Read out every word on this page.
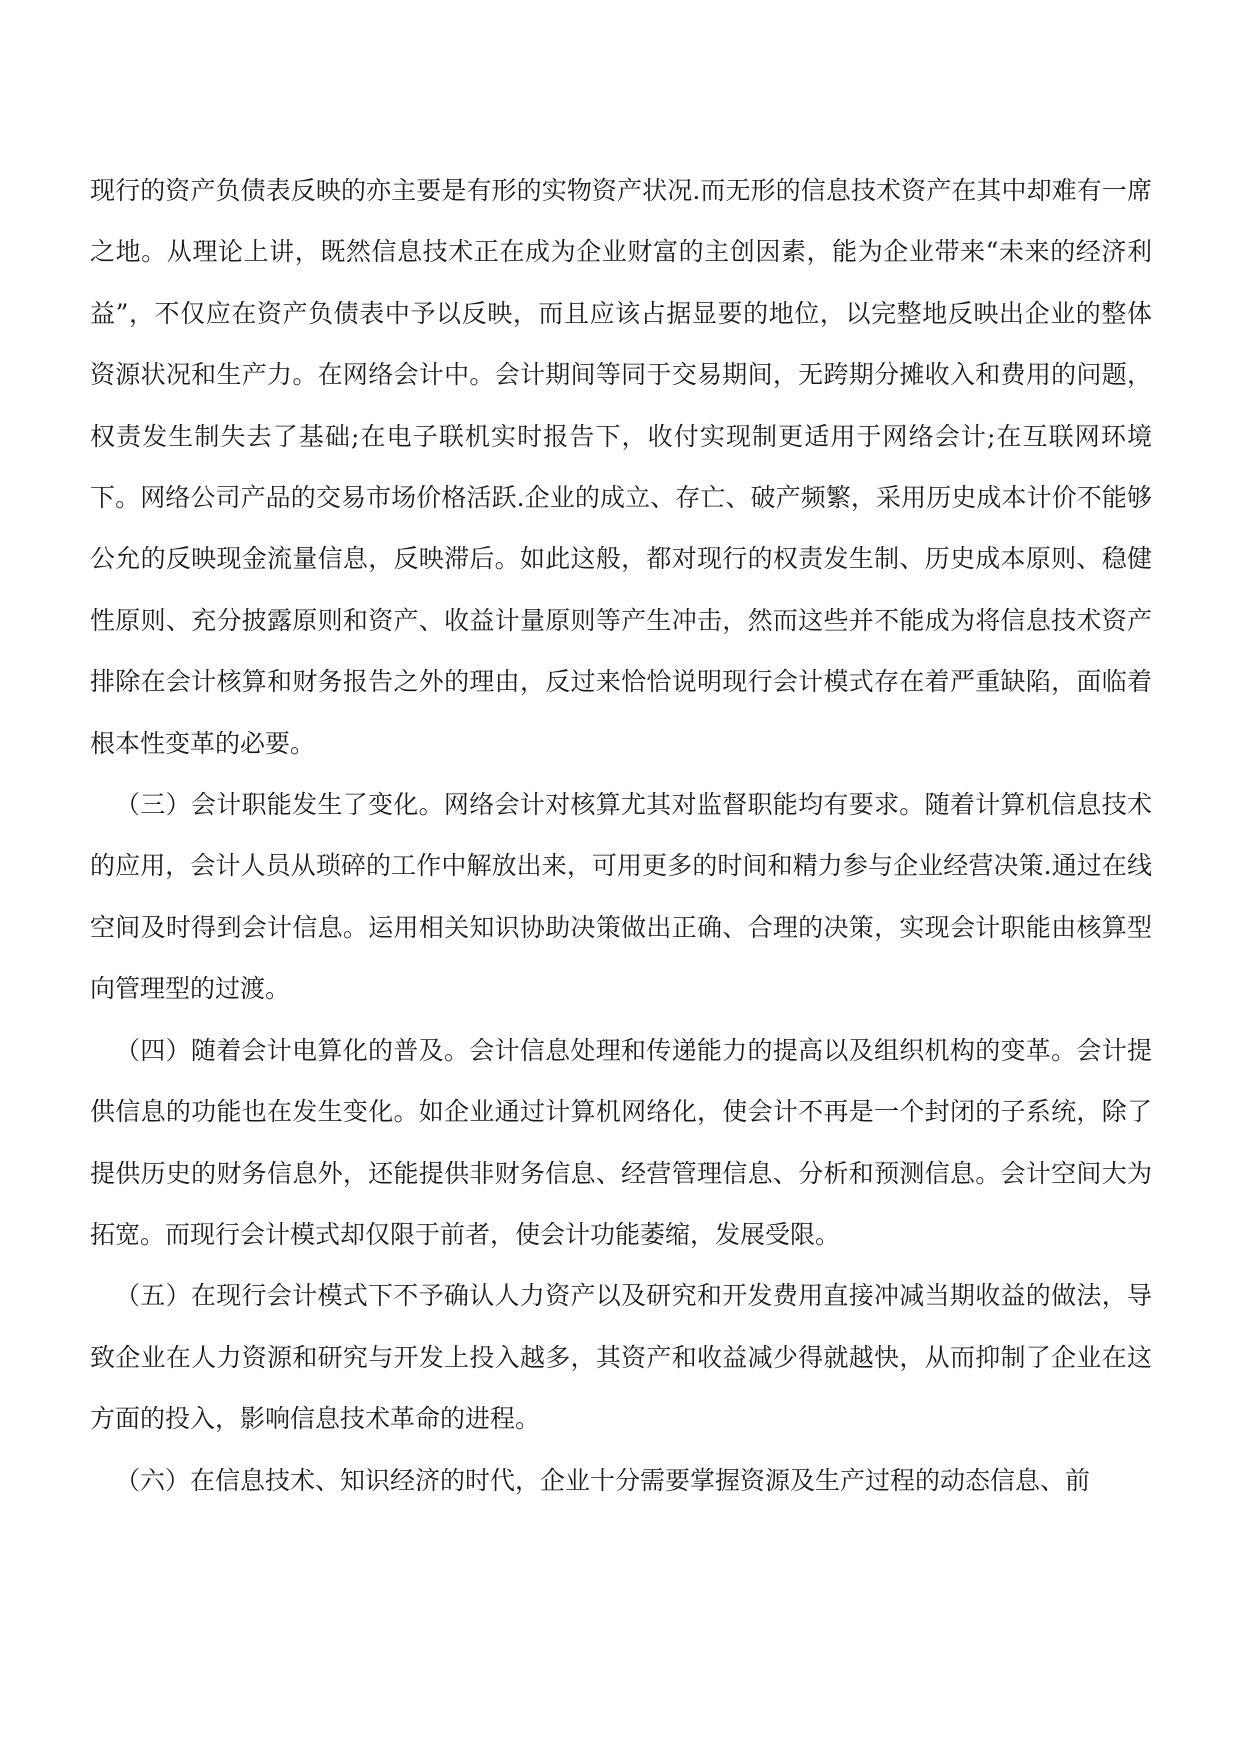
现行的资产负债表反映的亦主要是有形的实物资产状况.而无形的信息技术资产在其中却难有一席之地。从理论上讲，既然信息技术正在成为企业财富的主创因素，能为企业带来“未来的经济利益”，不仅应在资产负债表中予以反映，而且应该占据显要的地位，以完整地反映出企业的整体资源状况和生产力。在网络会计中。会计期间等同于交易期间，无跨期分摊收入和费用的问题，权责发生制失去了基础;在电子联机实时报告下，收付实现制更适用于网络会计;在互联网环境下。网络公司产品的交易市场价格活跃.企业的成立、存亡、破产频繁，采用历史成本计价不能够公允的反映现金流量信息，反映滞后。如此这般，都对现行的权责发生制、历史成本原则、稳健性原则、充分披露原则和资产、收益计量原则等产生冲击，然而这些并不能成为将信息技术资产排除在会计核算和财务报告之外的理由，反过来恰恰说明现行会计模式存在着严重缺陷，面临着根本性变革的必要。

（三）会计职能发生了变化。网络会计对核算尤其对监督职能均有要求。随着计算机信息技术的应用，会计人员从琐碎的工作中解放出来，可用更多的时间和精力参与企业经营决策.通过在线空间及时得到会计信息。运用相关知识协助决策做出正确、合理的决策，实现会计职能由核算型向管理型的过渡。

（四）随着会计电算化的普及。会计信息处理和传递能力的提高以及组织机构的变革。会计提供信息的功能也在发生变化。如企业通过计算机网络化，使会计不再是一个封闭的子系统，除了提供历史的财务信息外，还能提供非财务信息、经营管理信息、分析和预测信息。会计空间大为拓宽。而现行会计模式却仅限于前者，使会计功能萎缩，发展受限。

（五）在现行会计模式下不予确认人力资产以及研究和开发费用直接冲减当期收益的做法，导致企业在人力资源和研究与开发上投入越多，其资产和收益减少得就越快，从而抑制了企业在这方面的投入，影响信息技术革命的进程。

（六）在信息技术、知识经济的时代，企业十分需要掌握资源及生产过程的动态信息、前
